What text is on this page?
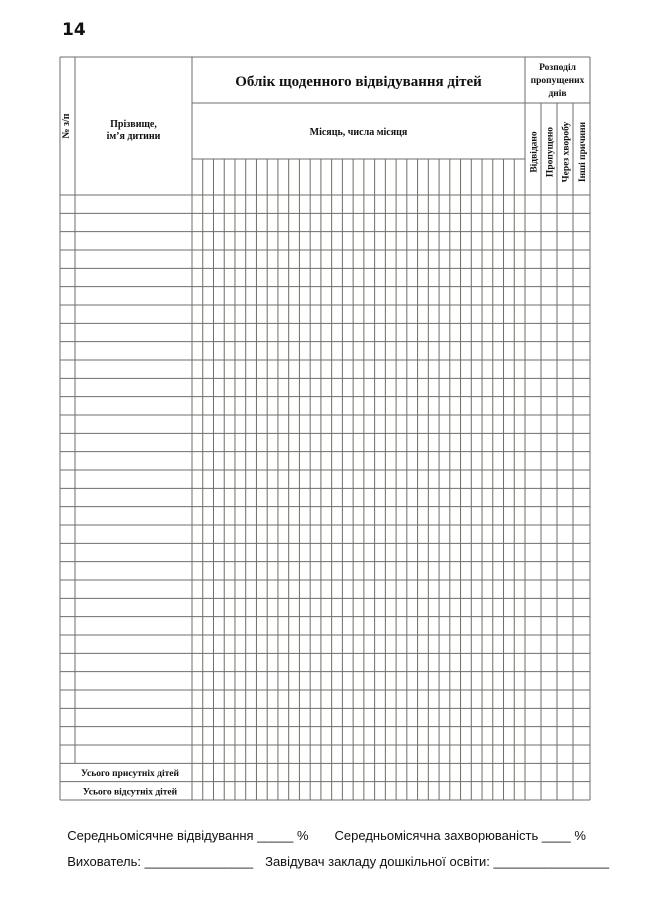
14
Облік щоденного відвідування дітей
Місяць, числа місяця
Прізвище,
ім’я дитини
№ з/п
Розподіл
пропущених
днів
Відвідано Пропущено Через хворобу Інші причини
Усього присутніх дітей
Усього відсутніх дітей

Середньомісячне відвідування _____ % Середньомісячна захворюваність ____ %

Вихователь: _______________ Завідувач закладу дошкільної освіти: ________________
